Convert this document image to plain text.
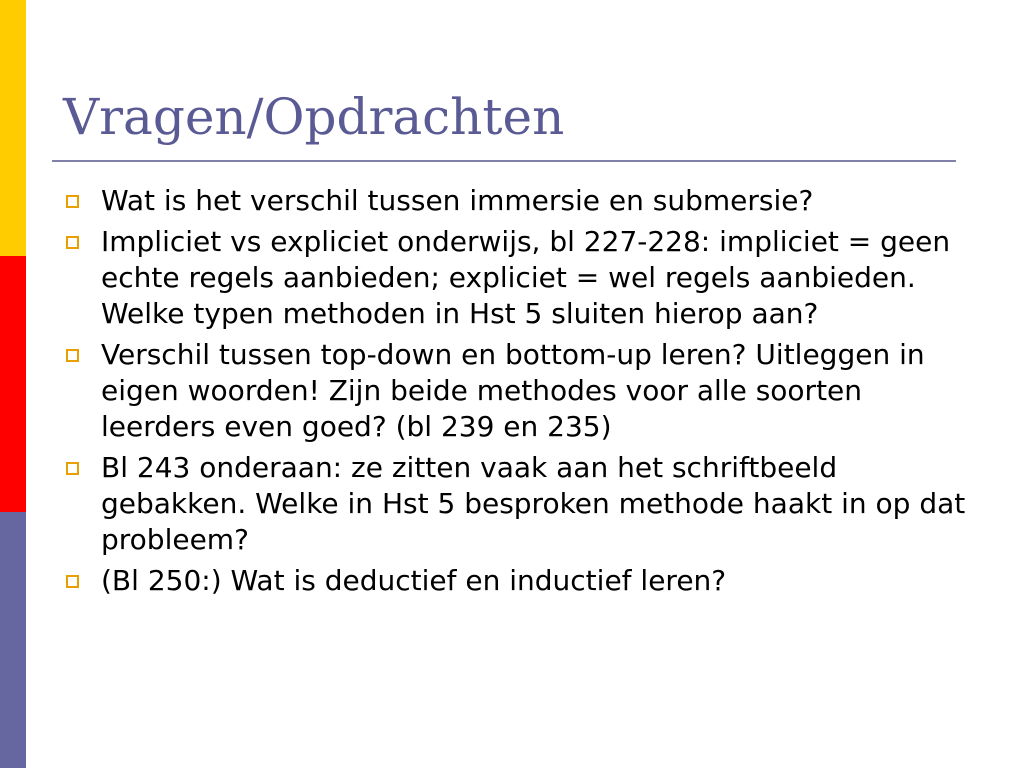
Vragen/Opdrachten
Wat is het verschil tussen immersie en submersie?
Impliciet vs expliciet onderwijs, bl 227-228: impliciet = geen echte regels aanbieden; expliciet = wel regels aanbieden. Welke typen methoden in Hst 5 sluiten hierop aan?
Verschil tussen top-down en bottom-up leren? Uitleggen in eigen woorden! Zijn beide methodes voor alle soorten leerders even goed? (bl 239 en 235)
Bl 243 onderaan: ze zitten vaak aan het schriftbeeld gebakken. Welke in Hst 5 besproken methode haakt in op dat probleem?
(Bl 250:) Wat is deductief en inductief leren?
